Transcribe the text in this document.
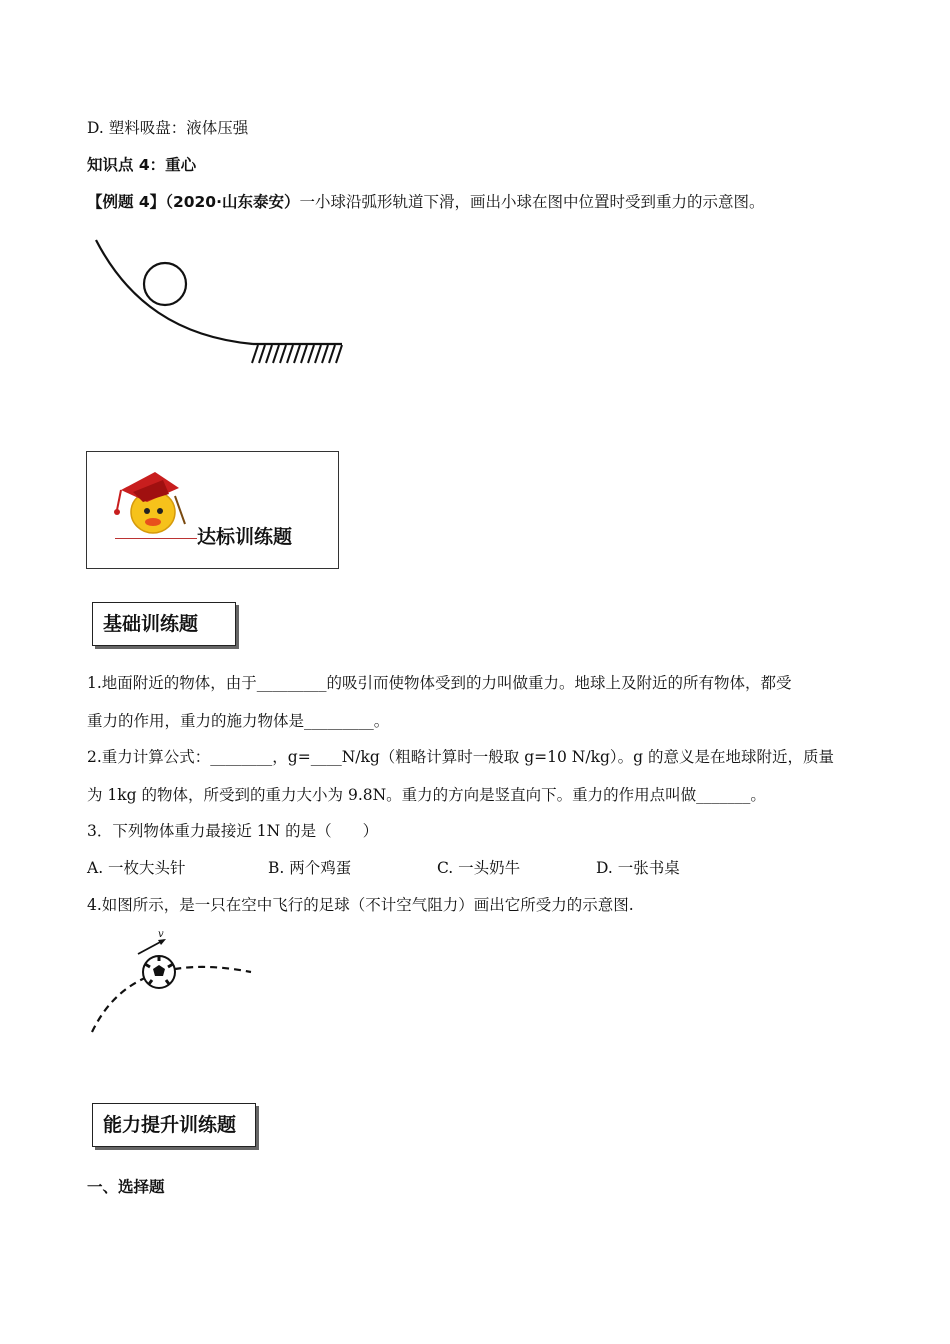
D. 塑料吸盘：液体压强
知识点 4：重心
【例题 4】（2020·山东泰安）一小球沿弧形轨道下滑，画出小球在图中位置时受到重力的示意图。
达标训练题
基础训练题
1.地面附近的物体，由于_________的吸引而使物体受到的力叫做重力。地球上及附近的所有物体，都受
重力的作用，重力的施力物体是_________。
2.重力计算公式：________，g=____N/kg（粗略计算时一般取 g=10 N/kg）。g 的意义是在地球附近，质量
为 1kg 的物体，所受到的重力大小为 9.8N。重力的方向是竖直向下。重力的作用点叫做_______。
3．下列物体重力最接近 1N 的是（　　）
A. 一枚大头针	B. 两个鸡蛋	C. 一头奶牛	D. 一张书桌
4.如图所示，是一只在空中飞行的足球（不计空气阻力）画出它所受力的示意图.
v
能力提升训练题
一、选择题
